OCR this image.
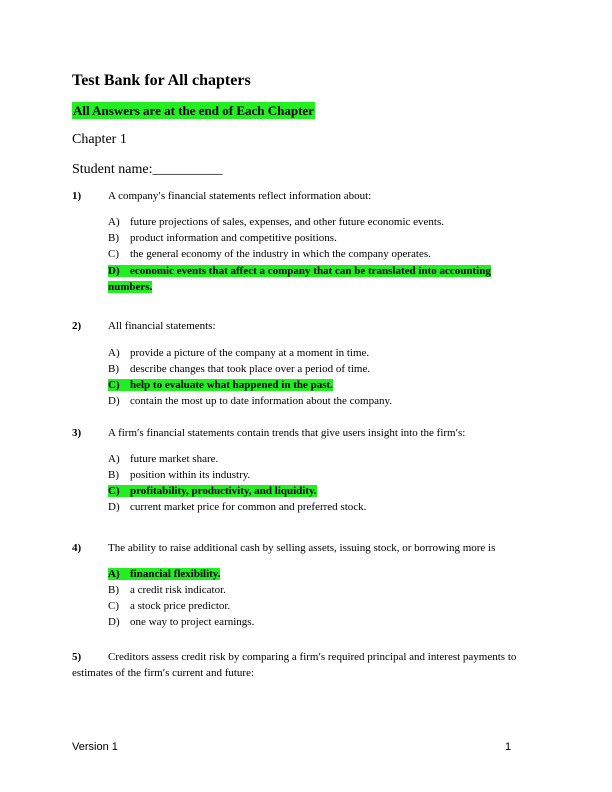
Test Bank for All chapters
All Answers are at the end of Each Chapter
Chapter 1
Student name:__________
1) A company′s financial statements reflect information about:
A) future projections of sales, expenses, and other future economic events.
B) product information and competitive positions.
C) the general economy of the industry in which the company operates.
D) economic events that affect a company that can be translated into accounting numbers.
2) All financial statements:
A) provide a picture of the company at a moment in time.
B) describe changes that took place over a period of time.
C) help to evaluate what happened in the past.
D) contain the most up to date information about the company.
3) A firm′s financial statements contain trends that give users insight into the firm′s:
A) future market share.
B) position within its industry.
C) profitability, productivity, and liquidity.
D) current market price for common and preferred stock.
4) The ability to raise additional cash by selling assets, issuing stock, or borrowing more is
A) financial flexibility.
B) a credit risk indicator.
C) a stock price predictor.
D) one way to project earnings.
5) Creditors assess credit risk by comparing a firm′s required principal and interest payments to estimates of the firm′s current and future:
Version 1	1
